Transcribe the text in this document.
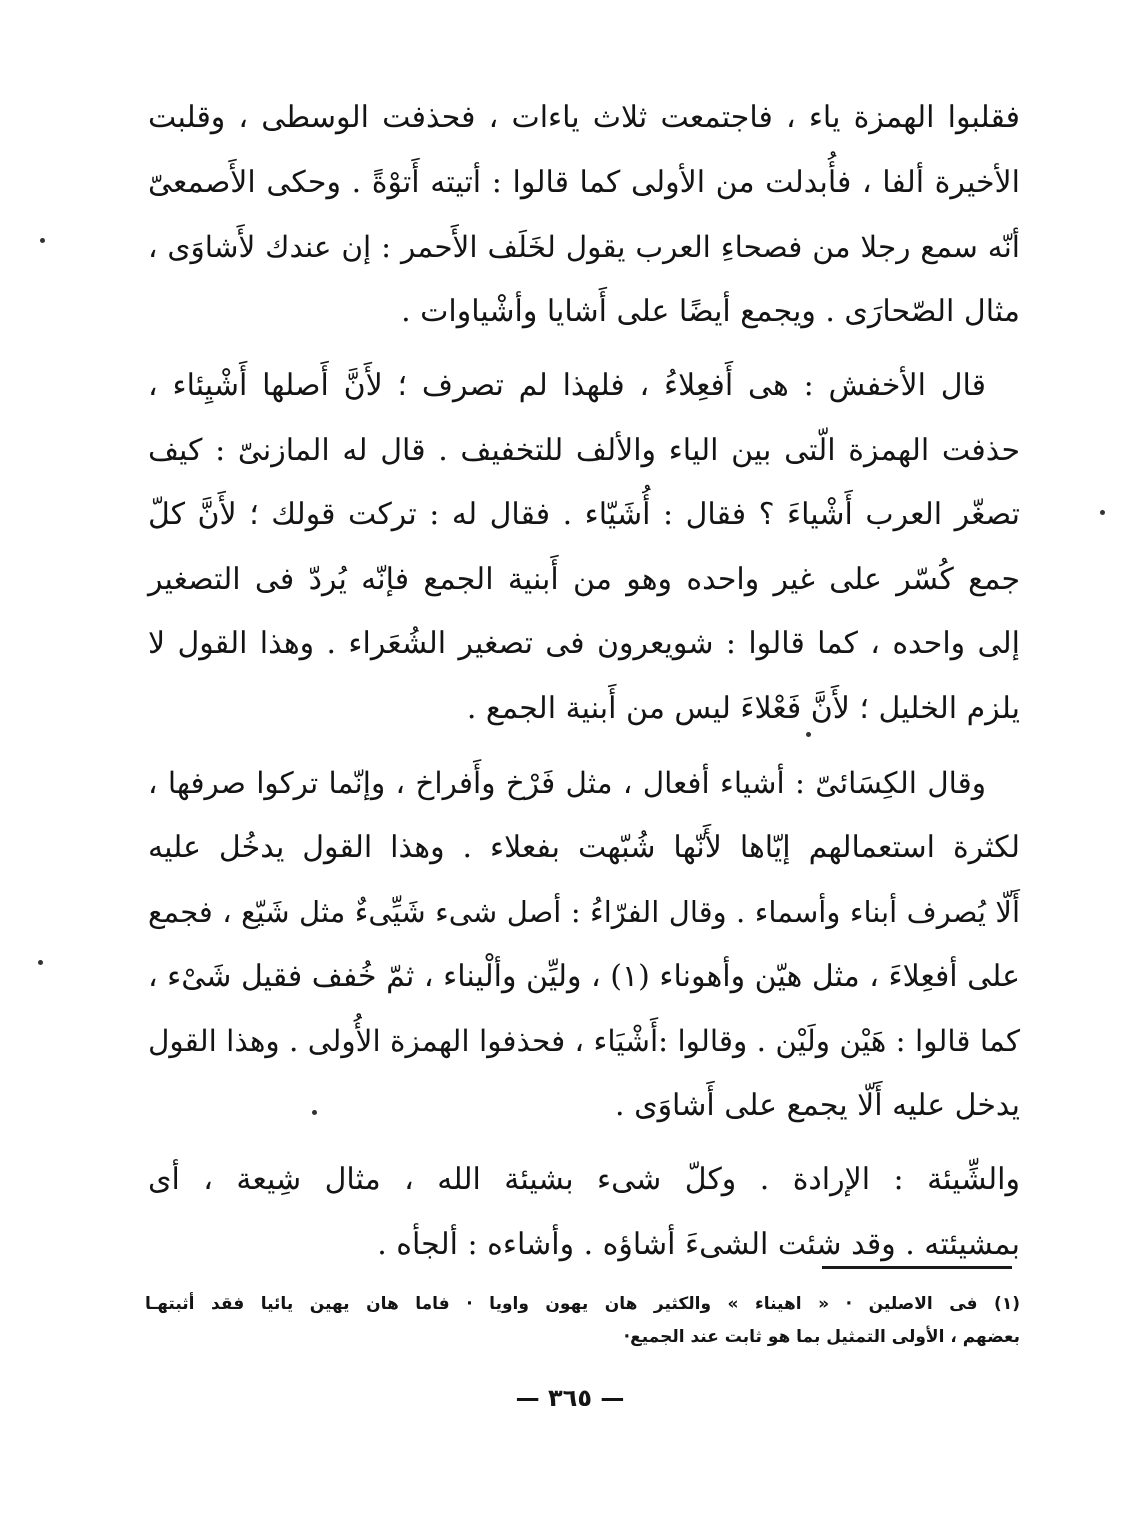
فقلبوا الهمزة ياء ، فاجتمعت ثلاث ياءات ، فحذفت الوسطى ، وقلبت
الأخيرة ألفا ، فأُبدلت من الأولى كما قالوا : أتيته أَتوْةً . وحكى الأَصمعىّ
أنّه سمع رجلا من فصحاءِ العرب يقول لخَلَف الأَحمر : إن عندك لأَشاوَى ،
مثال الصّحارَى . ويجمع أيضًا على أَشايا وأشْياوات .
قال الأخفش : هى أَفعِلاءُ ، فلهذا لم تصرف ؛ لأَنَّ أَصلها أَشْيِئاء ،
حذفت الهمزة الّتى بين الياء والألف للتخفيف . قال له المازنىّ : كيف
تصغّر العرب أَشْياءَ ؟ فقال : أُشَيّاء . فقال له : تركت قولك ؛ لأَنَّ كلّ
جمع كُسّر على غير واحده وهو من أَبنية الجمع فإنّه يُردّ فى التصغير
إلى واحده ، كما قالوا : شويعرون فى تصغير الشُعَراء . وهذا القول لا
يلزم الخليل ؛ لأَنَّ فَعْلاءَ ليس من أَبنية الجمع .
وقال الكِسَائىّ : أشياء أفعال ، مثل فَرْخ وأَفراخ ، وإنّما تركوا صرفها ،
لكثرة استعمالهم إيّاها لأَنّها شُبّهت بفعلاء . وهذا القول يدخُل عليه
أَلّا يُصرف أبناء وأسماء . وقال الفرّاءُ : أصل شىء شَيِّىءٌ مثل شَيّع ، فجمع
على أفعِلاءَ ، مثل هيّن وأهوناء (١) ، وليِّن وألْيناء ، ثمّ خُفف فقيل شَىْء ،
كما قالوا : هَيْن ولَيْن . وقالوا :أَشْيَاء ، فحذفوا الهمزة الأُولى . وهذا القول
يدخل عليه أَلّا يجمع على أَشاوَى .
والشِّيئة : الإرادة . وكلّ شىء بشيئة الله ، مثال شِيعة ، أى
بمشيئته . وقد شئت الشىءَ أشاؤه . وأشاءه : ألجأه .
(١) فى الاصلين · « اهيناء » والكثير هان يهون واويا · فاما هان يهين يائيا فقد أثبتهـا
بعضهم ، الأولى التمثيل بما هو ثابت عند الجميع·
— ٣٦٥ —
